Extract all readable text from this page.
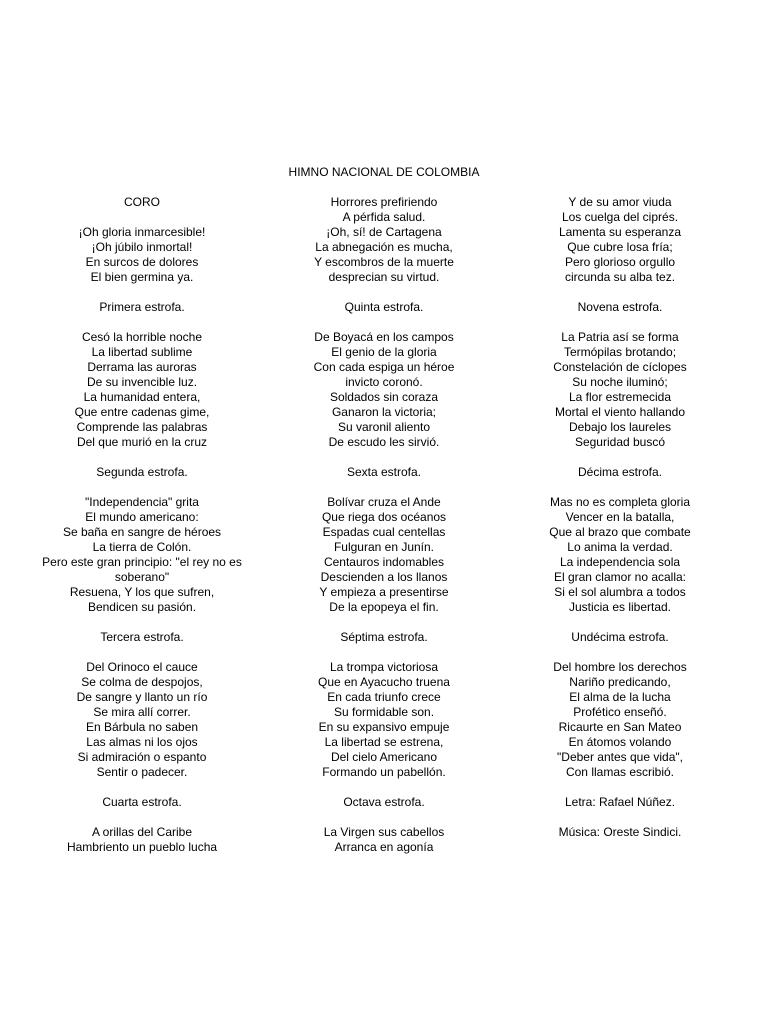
HIMNO NACIONAL DE COLOMBIA
CORO
¡Oh gloria inmarcesible!
¡Oh júbilo inmortal!
En surcos de dolores
El bien germina ya.
Primera estrofa.
Cesó la horrible noche
La libertad sublime
Derrama las auroras
De su invencible luz.
La humanidad entera,
Que entre cadenas gime,
Comprende las palabras
Del que murió en la cruz
Segunda estrofa.
"Independencia" grita
El mundo americano:
Se baña en sangre de héroes
La tierra de Colón.
Pero este gran principio: "el rey no es soberano"
Resuena, Y los que sufren,
Bendicen su pasión.
Tercera estrofa.
Del Orinoco el cauce
Se colma de despojos,
De sangre y llanto un río
Se mira allí correr.
En Bárbula no saben
Las almas ni los ojos
Si admiración o espanto
Sentir o padecer.
Cuarta estrofa.
A orillas del Caribe
Hambriento un pueblo lucha
Horrores prefiriendo
A pérfida salud.
¡Oh, sí! de Cartagena
La abnegación es mucha,
Y escombros de la muerte
desprecian su virtud.
Quinta estrofa.
De Boyacá en los campos
El genio de la gloria
Con cada espiga un héroe
invicto coronó.
Soldados sin coraza
Ganaron la victoria;
Su varonil aliento
De escudo les sirvió.
Sexta estrofa.
Bolívar cruza el Ande
Que riega dos océanos
Espadas cual centellas
Fulguran en Junín.
Centauros indomables
Descienden a los llanos
Y empieza a presentirse
De la epopeya el fin.
Séptima estrofa.
La trompa victoriosa
Que en Ayacucho truena
En cada triunfo crece
Su formidable son.
En su expansivo empuje
La libertad se estrena,
Del cielo Americano
Formando un pabellón.
Octava estrofa.
La Virgen sus cabellos
Arranca en agonía
Y de su amor viuda
Los cuelga del ciprés.
Lamenta su esperanza
Que cubre losa fría;
Pero glorioso orgullo
circunda su alba tez.
Novena estrofa.
La Patria así se forma
Termópilas brotando;
Constelación de cíclopes
Su noche iluminó;
La flor estremecida
Mortal el viento hallando
Debajo los laureles
Seguridad buscó
Décima estrofa.
Mas no es completa gloria
Vencer en la batalla,
Que al brazo que combate
Lo anima la verdad.
La independencia sola
El gran clamor no acalla:
Si el sol alumbra a todos
Justicia es libertad.
Undécima estrofa.
Del hombre los derechos
Nariño predicando,
El alma de la lucha
Profético enseñó.
Ricaurte en San Mateo
En átomos volando
"Deber antes que vida",
Con llamas escribió.
Letra: Rafael Núñez.
Música: Oreste Sindici.
